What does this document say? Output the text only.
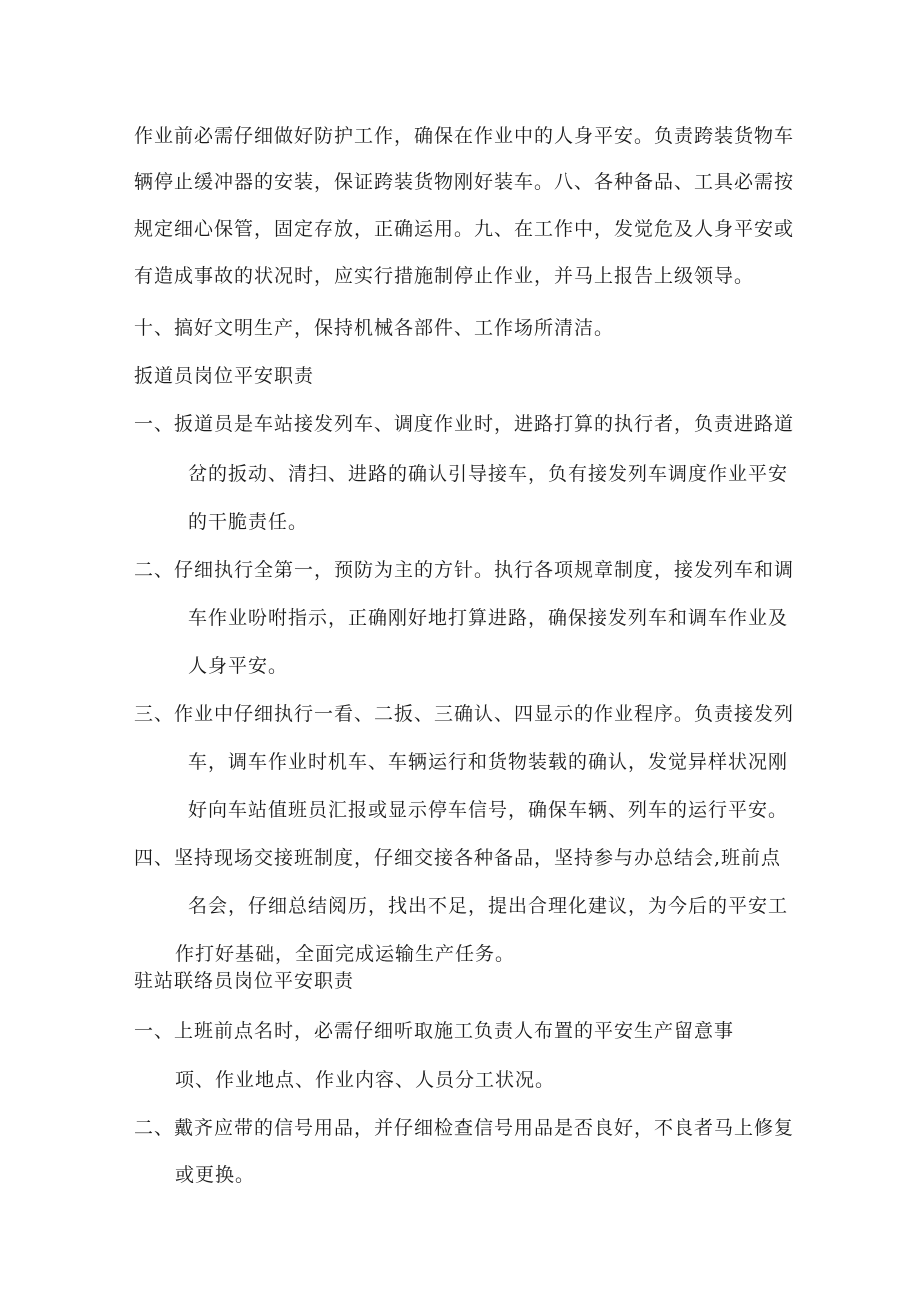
作业前必需仔细做好防护工作，确保在作业中的人身平安。负责跨装货物车
辆停止缓冲器的安装，保证跨装货物刚好装车。八、各种备品、工具必需按
规定细心保管，固定存放，正确运用。九、在工作中，发觉危及人身平安或
有造成事故的状况时，应实行措施制停止作业，并马上报告上级领导。
十、搞好文明生产，保持机械各部件、工作场所清洁。
扳道员岗位平安职责
一、扳道员是车站接发列车、调度作业时，进路打算的执行者，负责进路道
岔的扳动、清扫、进路的确认引导接车，负有接发列车调度作业平安
的干脆责任。
二、仔细执行全第一，预防为主的方针。执行各项规章制度，接发列车和调
车作业吩咐指示，正确刚好地打算进路，确保接发列车和调车作业及
人身平安。
三、作业中仔细执行一看、二扳、三确认、四显示的作业程序。负责接发列
车，调车作业时机车、车辆运行和货物装载的确认，发觉异样状况刚
好向车站值班员汇报或显示停车信号，确保车辆、列车的运行平安。
四、坚持现场交接班制度，仔细交接各种备品，坚持参与办总结会,班前点
名会，仔细总结阅历，找出不足，提出合理化建议，为今后的平安工
作打好基础，全面完成运输生产任务。
驻站联络员岗位平安职责
一、上班前点名时，必需仔细听取施工负责人布置的平安生产留意事
项、作业地点、作业内容、人员分工状况。
二、戴齐应带的信号用品，并仔细检查信号用品是否良好，不良者马上修复
或更换。
